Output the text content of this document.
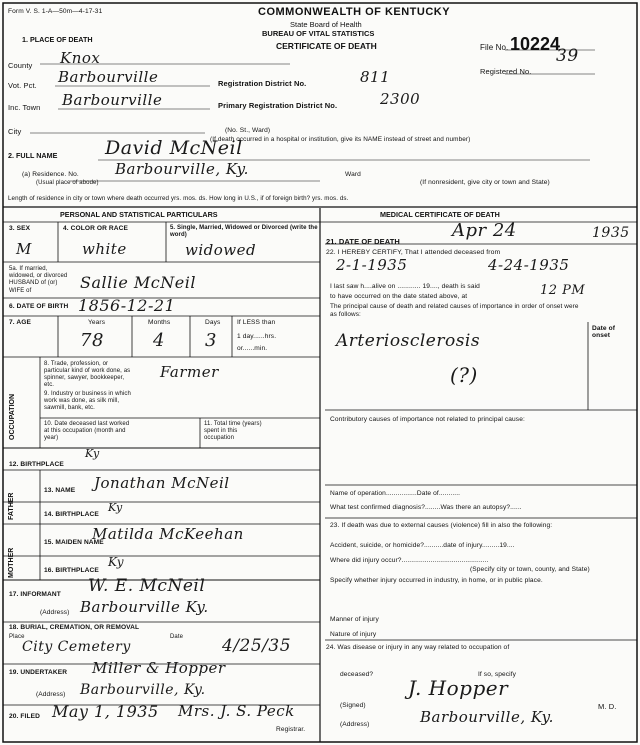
Form V. S. 1-A—50m—4-17-31	COMMONWEALTH OF KENTUCKY
State Board of Health
BUREAU OF VITAL STATISTICS
CERTIFICATE OF DEATH	File No. 10224
Registered No.
39
1. PLACE OF DEATH
County Knox
Vot. Pct. Barbourville
Inc. Town Barbourville
Registration District No.	811
Primary Registration District No.	2300
City	(No. St., Ward)
(If death occurred in a hospital or institution, give its NAME instead of street and number)
2. FULL NAME	David McNeil
(a) Residence. No.
(Usual place of abode)
Barbourville, Ky.	Ward
(If nonresident, give city or town and State)
Length of residence in city or town where death occurred yrs. mos. ds. How long in U.S., if of foreign birth? yrs. mos. ds.
PERSONAL AND STATISTICAL PARTICULARS
3. SEX
M
4. COLOR OR RACE
white
5. Single, Married, Widowed or Divorced (write the word)
widowed
5a. If married, widowed, or divorced HUSBAND of (or) WIFE of	Sallie McNeil
6. DATE OF BIRTH 1856-12-21
7. AGE	Years	Months	Days
78	4 3
If LESS than
1 day......hrs.
or......min.
OCCUPATION
8. Trade, profession, or particular kind of work done, as spinner, sawyer, bookkeeper, etc.
Farmer
9. Industry or business in which work was done, as silk mill, sawmill, bank, etc.
10. Date deceased last worked at this occupation (month and year)
11. Total time (years) spent in this occupation
12. BIRTHPLACE
Ky
FATHER
13. NAME Jonathan McNeil
14. BIRTHPLACE
Ky
MOTHER
15. MAIDEN NAME
Matilda McKeehan
16. BIRTHPLACE
Ky
17. INFORMANT W. E. McNeil
(Address) Barbourville Ky.
18. BURIAL, CREMATION, OR REMOVAL
Place
City Cemetery
Date 4/25/35
19. UNDERTAKER Miller & Hopper
(Address) Barbourville, Ky.
20. FILED May 1, 1935 Mrs. J. S. Peck
Registrar.
MEDICAL CERTIFICATE OF DEATH
21. DATE OF DEATH
Apr 24	1935
22. I HEREBY CERTIFY, That I attended deceased from
2-1-1935	4-24-1935
I last saw h....alive on ............ 19...., death is said
to have occurred on the date stated above, at	12 PM
The principal cause of death and related causes of importance in order of onset were as follows:
Date of onset
Arteriosclerosis
(?)
Contributory causes of importance not related to principal cause:
Name of operation................Date of...........
What test confirmed diagnosis?........Was there an autopsy?......
23. If death was due to external causes (violence) fill in also the following:
Accident, suicide, or homicide?..........date of injury.........19....
Where did injury occur?.............................................
(Specify city or town, county, and State)
Specify whether injury occurred in industry, in home, or in public place.
Manner of injury
Nature of injury
24. Was disease or injury in any way related to occupation of
deceased?	If so, specify
(Signed)
J. Hopper
M. D.
(Address)	Barbourville, Ky.
